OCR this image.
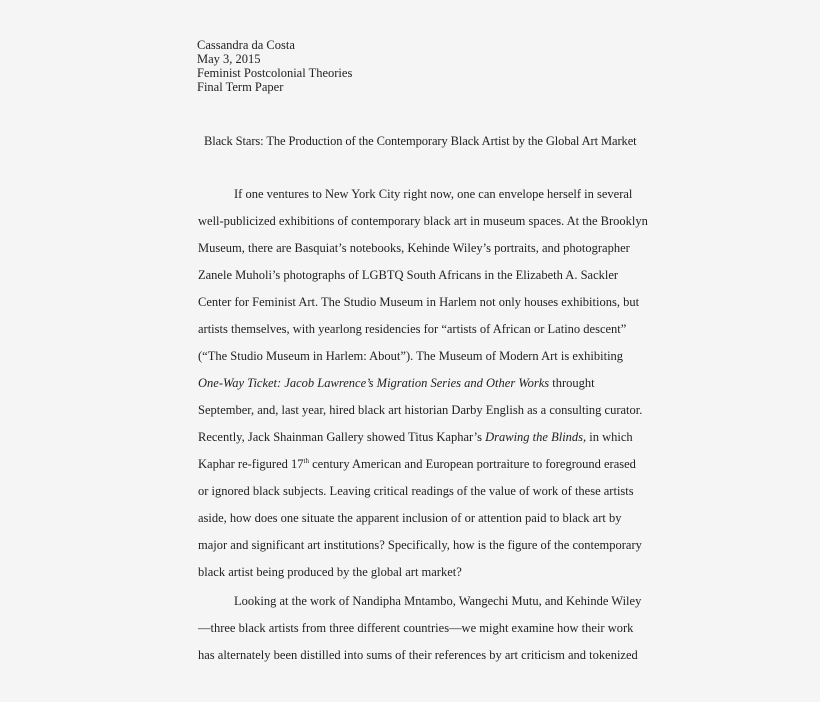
Cassandra da Costa
May 3, 2015
Feminist Postcolonial Theories
Final Term Paper
Black Stars: The Production of the Contemporary Black Artist by the Global Art Market
If one ventures to New York City right now, one can envelope herself in several
well-publicized exhibitions of contemporary black art in museum spaces. At the Brooklyn
Museum, there are Basquiat’s notebooks, Kehinde Wiley’s portraits, and photographer
Zanele Muholi’s photographs of LGBTQ South Africans in the Elizabeth A. Sackler
Center for Feminist Art. The Studio Museum in Harlem not only houses exhibitions, but
artists themselves, with yearlong residencies for “artists of African or Latino descent”
(“The Studio Museum in Harlem: About”). The Museum of Modern Art is exhibiting
One-Way Ticket: Jacob Lawrence’s Migration Series and Other Works throught
September, and, last year, hired black art historian Darby English as a consulting curator.
Recently, Jack Shainman Gallery showed Titus Kaphar’s Drawing the Blinds, in which
Kaphar re-figured 17th century American and European portraiture to foreground erased
or ignored black subjects. Leaving critical readings of the value of work of these artists
aside, how does one situate the apparent inclusion of or attention paid to black art by
major and significant art institutions? Specifically, how is the figure of the contemporary
black artist being produced by the global art market?
Looking at the work of Nandipha Mntambo, Wangechi Mutu, and Kehinde Wiley
—three black artists from three different countries—we might examine how their work
has alternately been distilled into sums of their references by art criticism and tokenized
